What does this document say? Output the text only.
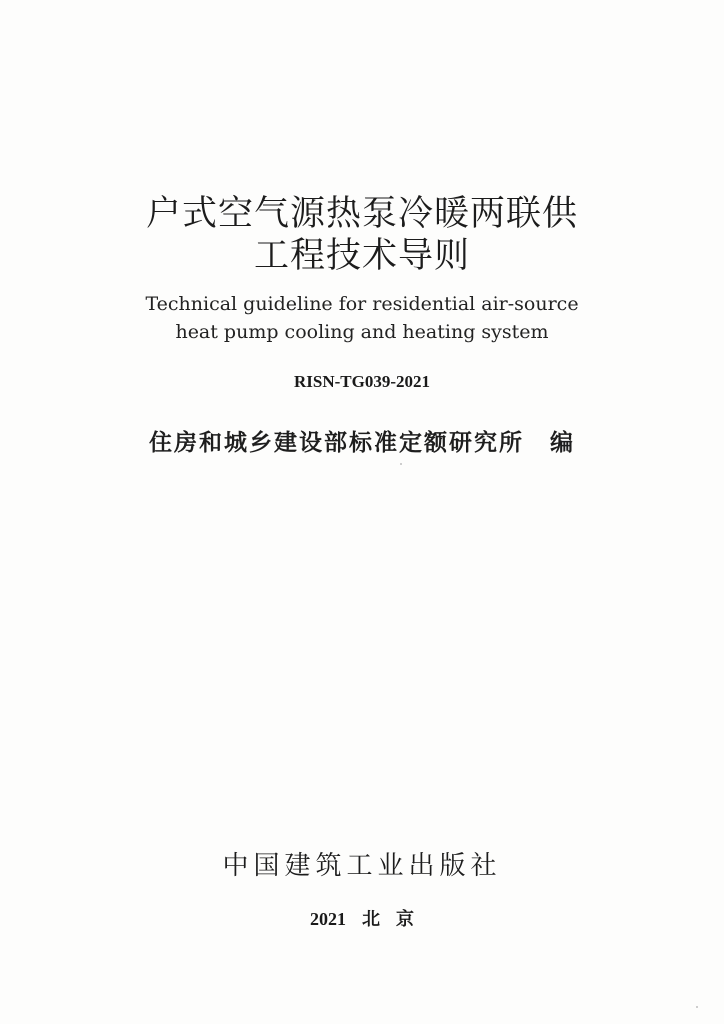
户式空气源热泵冷暖两联供
工程技术导则
Technical guideline for residential air-source
heat pump cooling and heating system
RISN-TG039-2021
住房和城乡建设部标准定额研究所 编
中国建筑工业出版社
2021 北 京
